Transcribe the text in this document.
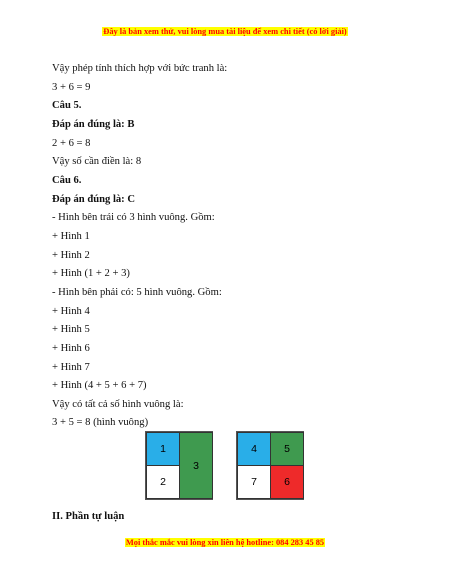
Đây là bản xem thử, vui lòng mua tài liệu để xem chi tiết (có lời giải)
Vậy phép tính thích hợp với bức tranh là:
3 + 6 = 9
Câu 5.
Đáp án đúng là: B
2 + 6 = 8
Vậy số cần điền là: 8
Câu 6.
Đáp án đúng là: C
- Hình bên trái có 3 hình vuông. Gồm:
+ Hình 1
+ Hình 2
+ Hình (1 + 2 + 3)
- Hình bên phải có: 5 hình vuông. Gồm:
+ Hình 4
+ Hình 5
+ Hình 6
+ Hình 7
+ Hình (4 + 5 + 6 + 7)
Vậy có tất cả số hình vuông là:
3 + 5 = 8 (hình vuông)
1
2
3
4	5
7	6
II. Phần tự luận
Mọi thắc mắc vui lòng xin liên hệ hotline: 084 283 45 85
